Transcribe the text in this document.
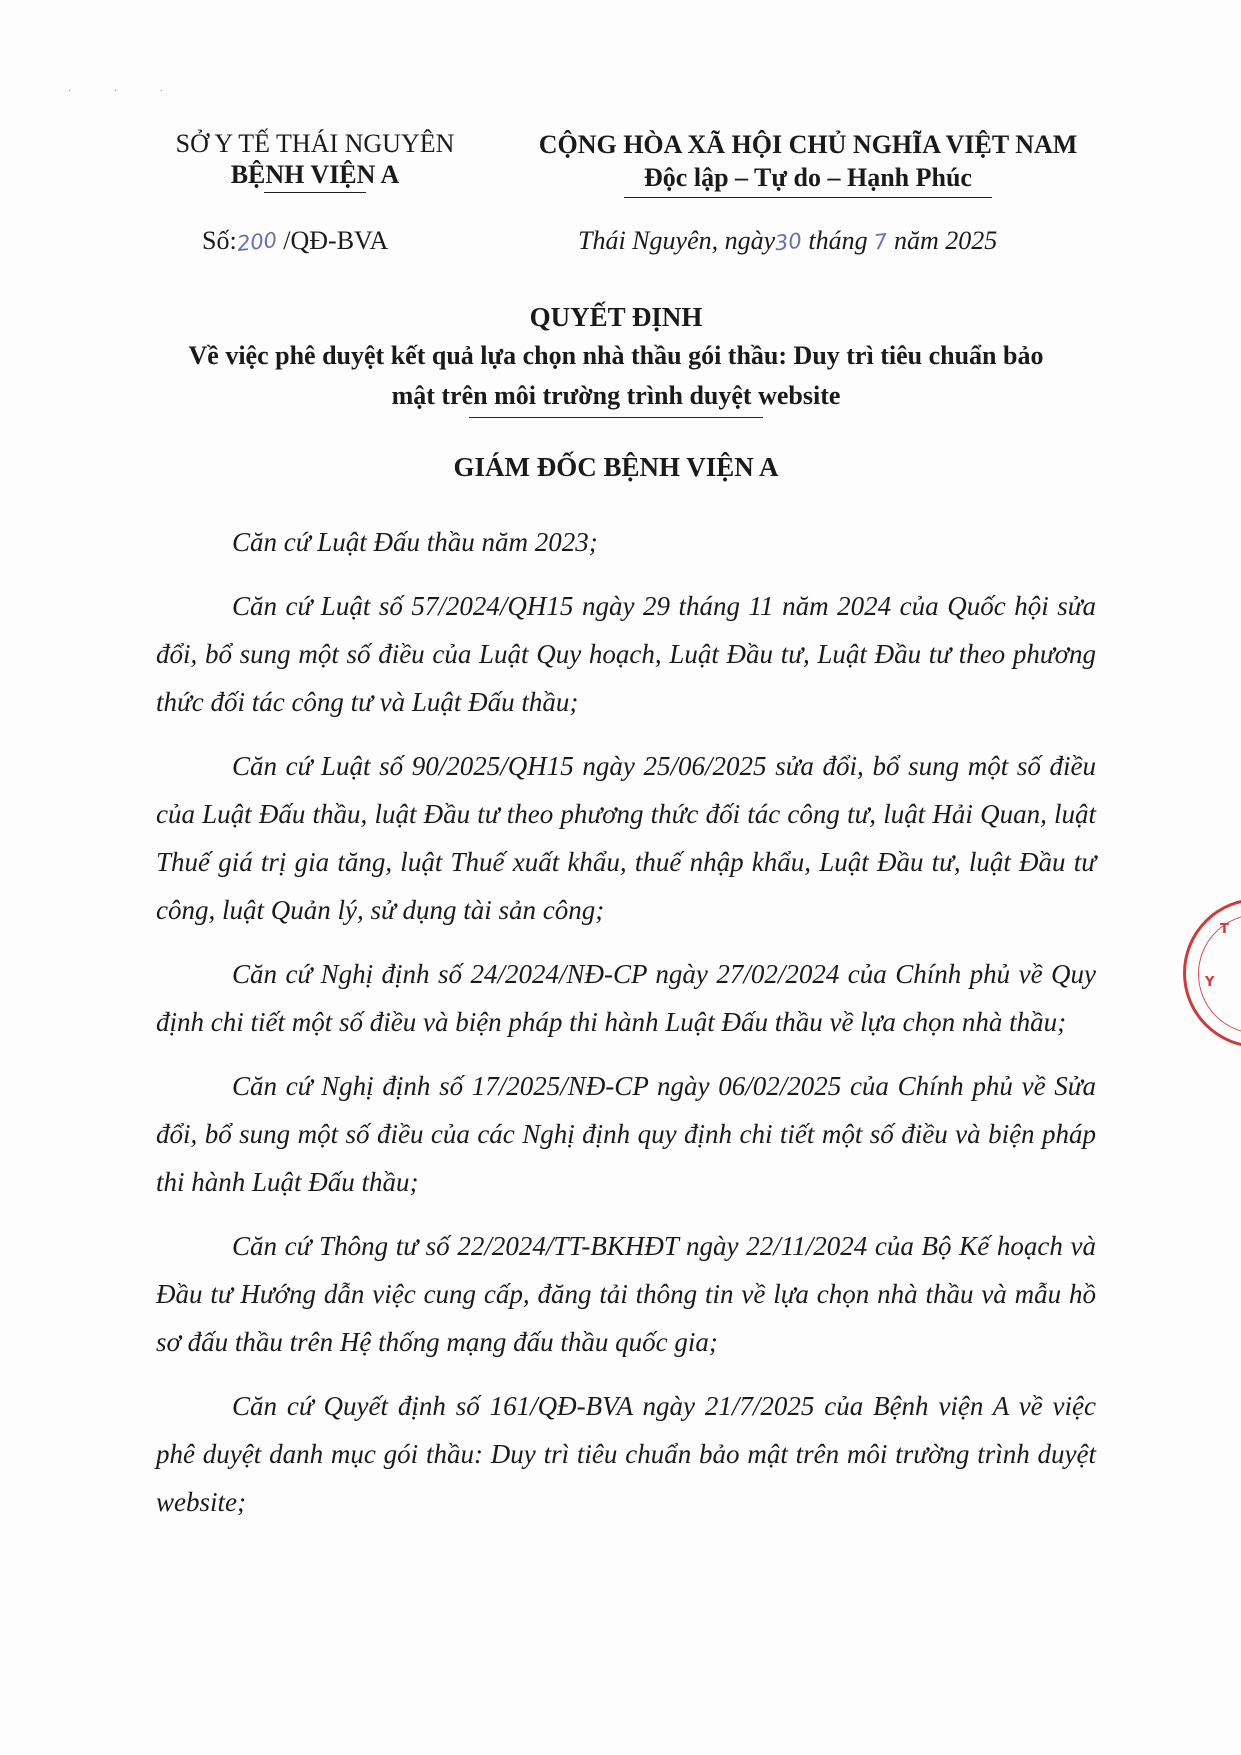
· · ·
SỞ Y TẾ THÁI NGUYÊN
BỆNH VIỆN A
CỘNG HÒA XÃ HỘI CHỦ NGHĨA VIỆT NAM
Độc lập – Tự do – Hạnh Phúc
Số:200 /QĐ-BVA	Thái Nguyên, ngày30 tháng 7 năm 2025
QUYẾT ĐỊNH
Về việc phê duyệt kết quả lựa chọn nhà thầu gói thầu: Duy trì tiêu chuẩn bảo mật trên môi trường trình duyệt website
GIÁM ĐỐC BỆNH VIỆN A

Căn cứ Luật Đấu thầu năm 2023;

Căn cứ Luật số 57/2024/QH15 ngày 29 tháng 11 năm 2024 của Quốc hội sửa đổi, bổ sung một số điều của Luật Quy hoạch, Luật Đầu tư, Luật Đầu tư theo phương thức đối tác công tư và Luật Đấu thầu;

Căn cứ Luật số 90/2025/QH15 ngày 25/06/2025 sửa đổi, bổ sung một số điều của Luật Đấu thầu, luật Đầu tư theo phương thức đối tác công tư, luật Hải Quan, luật Thuế giá trị gia tăng, luật Thuế xuất khẩu, thuế nhập khẩu, Luật Đầu tư, luật Đầu tư công, luật Quản lý, sử dụng tài sản công;

Căn cứ Nghị định số 24/2024/NĐ-CP ngày 27/02/2024 của Chính phủ về Quy định chi tiết một số điều và biện pháp thi hành Luật Đấu thầu về lựa chọn nhà thầu;

Căn cứ Nghị định số 17/2025/NĐ-CP ngày 06/02/2025 của Chính phủ về Sửa đổi, bổ sung một số điều của các Nghị định quy định chi tiết một số điều và biện pháp thi hành Luật Đấu thầu;

Căn cứ Thông tư số 22/2024/TT-BKHĐT ngày 22/11/2024 của Bộ Kế hoạch và Đầu tư Hướng dẫn việc cung cấp, đăng tải thông tin về lựa chọn nhà thầu và mẫu hồ sơ đấu thầu trên Hệ thống mạng đấu thầu quốc gia;

Căn cứ Quyết định số 161/QĐ-BVA ngày 21/7/2025 của Bệnh viện A về việc phê duyệt danh mục gói thầu: Duy trì tiêu chuẩn bảo mật trên môi trường trình duyệt website;

T
Y
